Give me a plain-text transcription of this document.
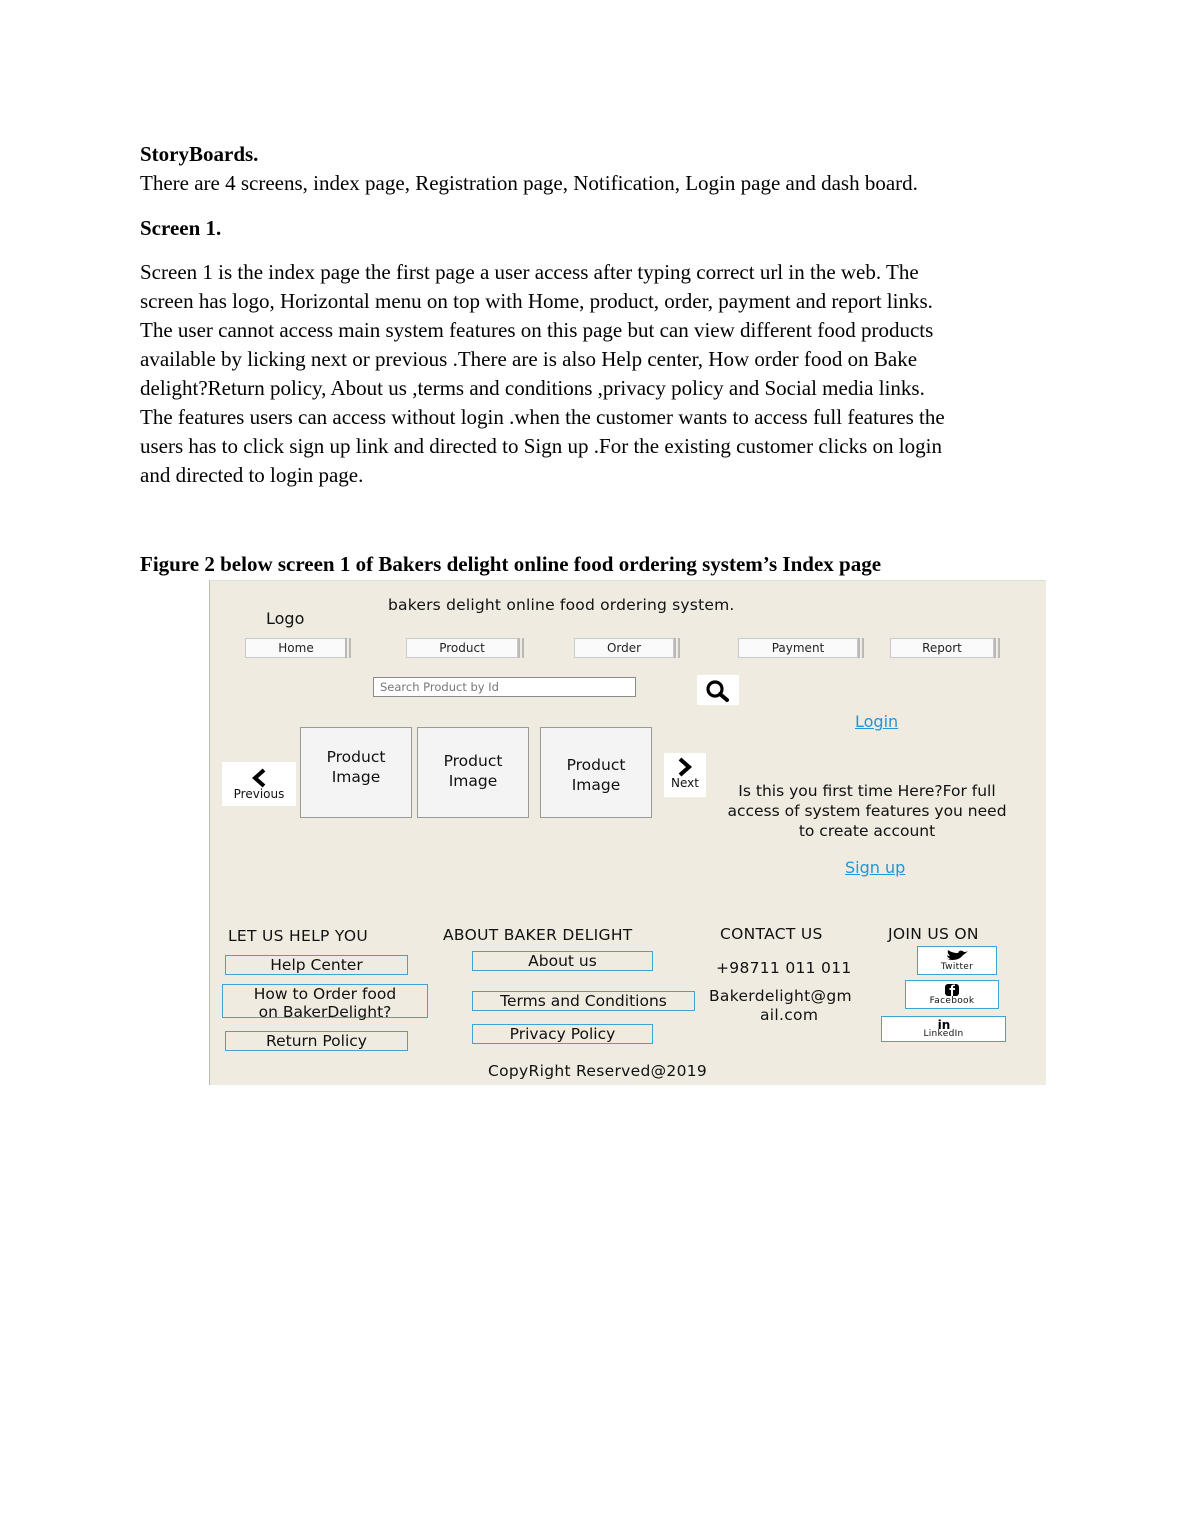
StoryBoards.

There are 4 screens, index page, Registration page, Notification, Login page and dash board.

Screen 1.

Screen 1 is the index page the first page a user access after typing correct url in the web. The
screen has logo, Horizontal menu on top with Home, product, order, payment and report links.
The user cannot access main system features on this page but can view different food products
available by licking next or previous .There are is also Help center, How order food on Bake
delight?Return policy, About us ,terms and conditions ,privacy policy and Social media links.
The features users can access without login .when the customer wants to access full features the
users has to click sign up link and directed to Sign up .For the existing customer clicks on login
and directed to login page.

Figure 2 below screen 1 of Bakers delight online food ordering system’s Index page

Logo
bakers delight online food ordering system.
Home	Product	Order	Payment	Report
Search Product by Id
Login
Previous
Product
Image
Product
Image
Product
Image	Next	Is this you first time Here?For full access of system features you need to create account
Sign up
LET US HELP YOU	ABOUT BAKER DELIGHT	CONTACT US	JOIN US ON
Help Center
How to Order food
on BakerDelight?
Return Policy
About us
Terms and Conditions
Privacy Policy
+98711 011 011
Bakerdelight@gm
ail.com
Twitter
Facebook
in
LinkedIn
CopyRight Reserved@2019
